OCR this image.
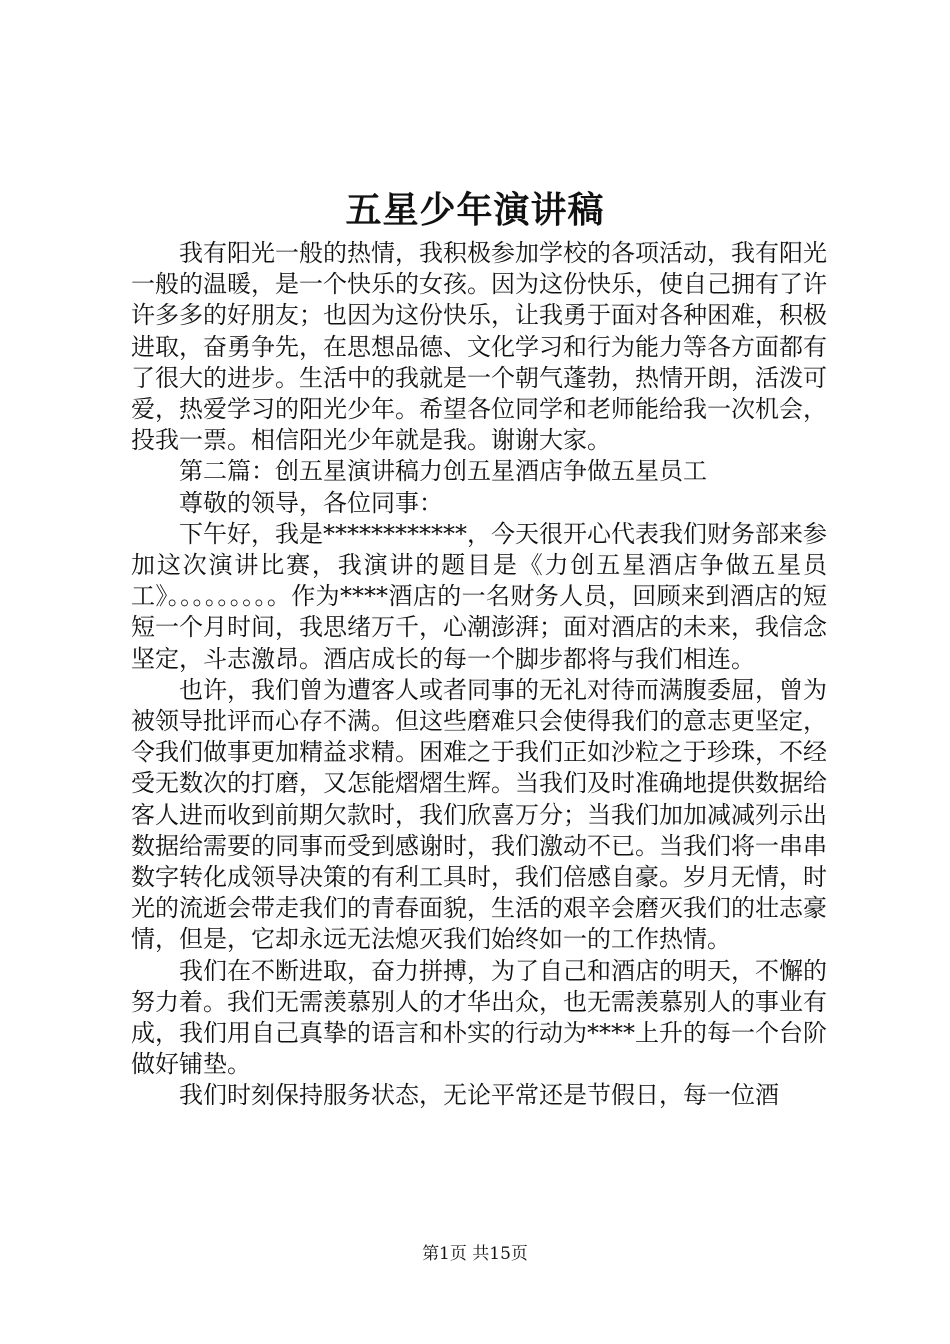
五星少年演讲稿

我有阳光一般的热情，我积极参加学校的各项活动，我有阳光一般的温暖，是一个快乐的女孩。因为这份快乐，使自己拥有了许许多多的好朋友；也因为这份快乐，让我勇于面对各种困难，积极进取，奋勇争先，在思想品德、文化学习和行为能力等各方面都有了很大的进步。生活中的我就是一个朝气蓬勃，热情开朗，活泼可爱，热爱学习的阳光少年。希望各位同学和老师能给我一次机会，投我一票。相信阳光少年就是我。谢谢大家。

第二篇：创五星演讲稿力创五星酒店争做五星员工

尊敬的领导，各位同事：

下午好，我是************，今天很开心代表我们财务部来参加这次演讲比赛，我演讲的题目是《力创五星酒店争做五星员工》。。。。。。。。。作为****酒店的一名财务人员，回顾来到酒店的短短一个月时间，我思绪万千，心潮澎湃；面对酒店的未来，我信念坚定，斗志激昂。酒店成长的每一个脚步都将与我们相连。

也许，我们曾为遭客人或者同事的无礼对待而满腹委屈，曾为被领导批评而心存不满。但这些磨难只会使得我们的意志更坚定，令我们做事更加精益求精。困难之于我们正如沙粒之于珍珠，不经受无数次的打磨，又怎能熠熠生辉。当我们及时准确地提供数据给客人进而收到前期欠款时，我们欣喜万分；当我们加加减减列示出数据给需要的同事而受到感谢时，我们激动不已。当我们将一串串数字转化成领导决策的有利工具时，我们倍感自豪。岁月无情，时光的流逝会带走我们的青春面貌，生活的艰辛会磨灭我们的壮志豪情，但是，它却永远无法熄灭我们始终如一的工作热情。

我们在不断进取，奋力拼搏，为了自己和酒店的明天，不懈的努力着。我们无需羡慕别人的才华出众，也无需羡慕别人的事业有成，我们用自己真挚的语言和朴实的行动为****上升的每一个台阶做好铺垫。

我们时刻保持服务状态，无论平常还是节假日，每一位酒

第1页 共15页
